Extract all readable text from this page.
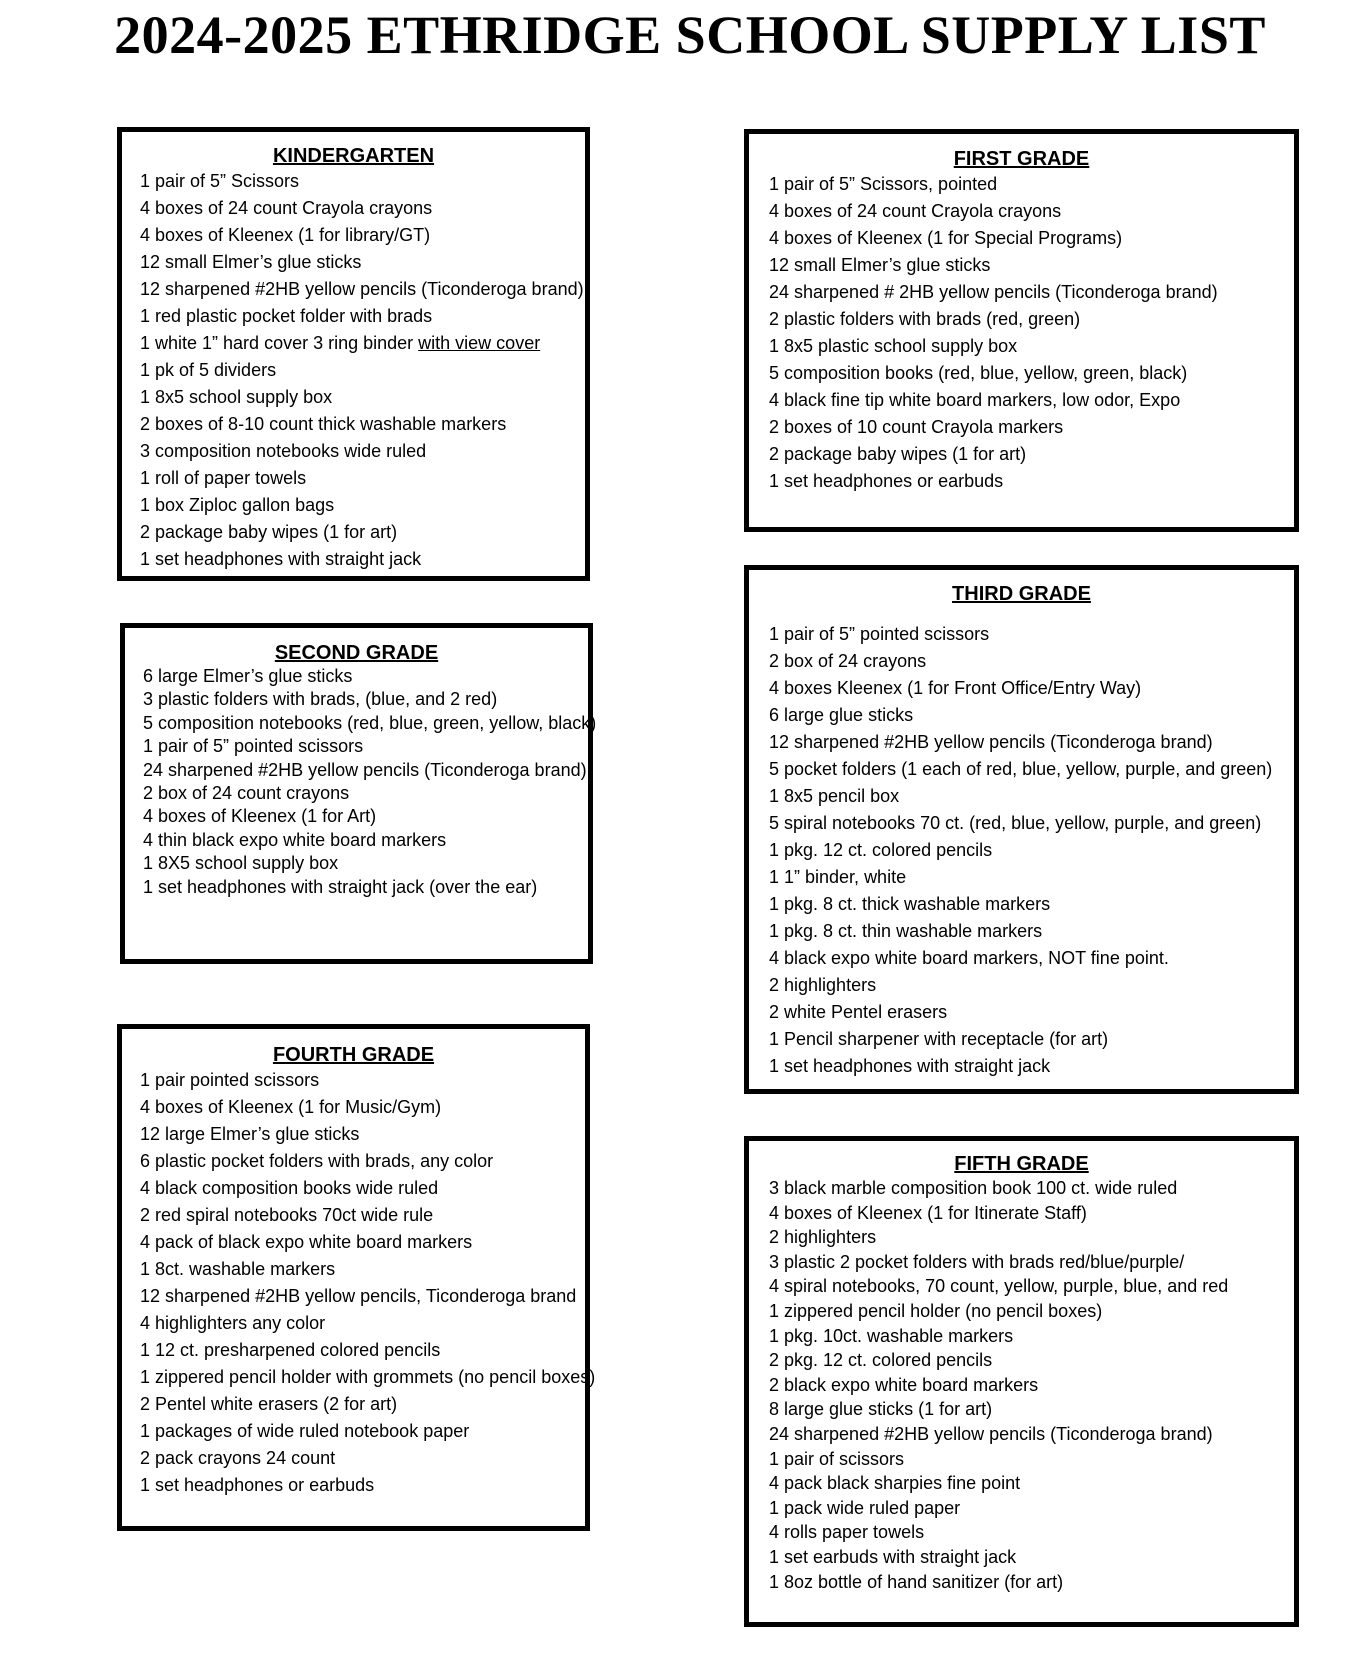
2024-2025 ETHRIDGE SCHOOL SUPPLY LIST
KINDERGARTEN
1 pair of 5” Scissors
4 boxes of 24 count Crayola crayons
4 boxes of Kleenex (1 for library/GT)
12 small Elmer’s glue sticks
12 sharpened #2HB yellow pencils (Ticonderoga brand)
1 red plastic pocket folder with brads
1 white 1” hard cover 3 ring binder with view cover
1 pk of 5 dividers
1 8x5 school supply box
2 boxes of 8-10 count thick washable markers
3 composition notebooks wide ruled
1 roll of paper towels
1 box Ziploc gallon bags
2 package baby wipes (1 for art)
1 set headphones with straight jack
FIRST GRADE
1 pair of 5” Scissors, pointed
4 boxes of 24 count Crayola crayons
4 boxes of Kleenex (1 for Special Programs)
12 small Elmer’s glue sticks
24 sharpened # 2HB yellow pencils (Ticonderoga brand)
2 plastic folders with brads (red, green)
1 8x5 plastic school supply box
5 composition books (red, blue, yellow, green, black)
4 black fine tip white board markers, low odor, Expo
2 boxes of 10 count Crayola markers
2 package baby wipes (1 for art)
1 set headphones or earbuds
SECOND GRADE
6 large Elmer’s glue sticks
3 plastic folders with brads, (blue, and 2 red)
5 composition notebooks (red, blue, green, yellow, black)
1 pair of 5” pointed scissors
24 sharpened #2HB yellow pencils (Ticonderoga brand)
2 box of 24 count crayons
4 boxes of Kleenex (1 for Art)
4 thin black expo white board markers
1 8X5 school supply box
1 set headphones with straight jack (over the ear)
THIRD GRADE
1 pair of 5” pointed scissors
2 box of 24 crayons
4 boxes Kleenex (1 for Front Office/Entry Way)
6 large glue sticks
12 sharpened #2HB yellow pencils (Ticonderoga brand)
5 pocket folders (1 each of red, blue, yellow, purple, and green)
1 8x5 pencil box
5 spiral notebooks 70 ct. (red, blue, yellow, purple, and green)
1 pkg. 12 ct. colored pencils
1 1” binder, white
1 pkg. 8 ct. thick washable markers
1 pkg. 8 ct. thin washable markers
4 black expo white board markers, NOT fine point.
2 highlighters
2 white Pentel erasers
1 Pencil sharpener with receptacle (for art)
1 set headphones with straight jack
FOURTH GRADE
1 pair pointed scissors
4 boxes of Kleenex (1 for Music/Gym)
12 large Elmer’s glue sticks
6 plastic pocket folders with brads, any color
4 black composition books wide ruled
2 red spiral notebooks 70ct wide rule
4 pack of black expo white board markers
1 8ct. washable markers
12 sharpened #2HB yellow pencils, Ticonderoga brand
4 highlighters any color
1 12 ct. presharpened colored pencils
1 zippered pencil holder with grommets (no pencil boxes)
2 Pentel white erasers (2 for art)
1 packages of wide ruled notebook paper
2 pack crayons 24 count
1 set headphones or earbuds
FIFTH GRADE
3 black marble composition book 100 ct. wide ruled
4 boxes of Kleenex (1 for Itinerate Staff)
2 highlighters
3 plastic 2 pocket folders with brads red/blue/purple/
4 spiral notebooks, 70 count, yellow, purple, blue, and red
1 zippered pencil holder (no pencil boxes)
1 pkg. 10ct. washable markers
2 pkg. 12 ct. colored pencils
2 black expo white board markers
8 large glue sticks (1 for art)
24 sharpened #2HB yellow pencils (Ticonderoga brand)
1 pair of scissors
4 pack black sharpies fine point
1 pack wide ruled paper
4 rolls paper towels
1 set earbuds with straight jack
1 8oz bottle of hand sanitizer (for art)
